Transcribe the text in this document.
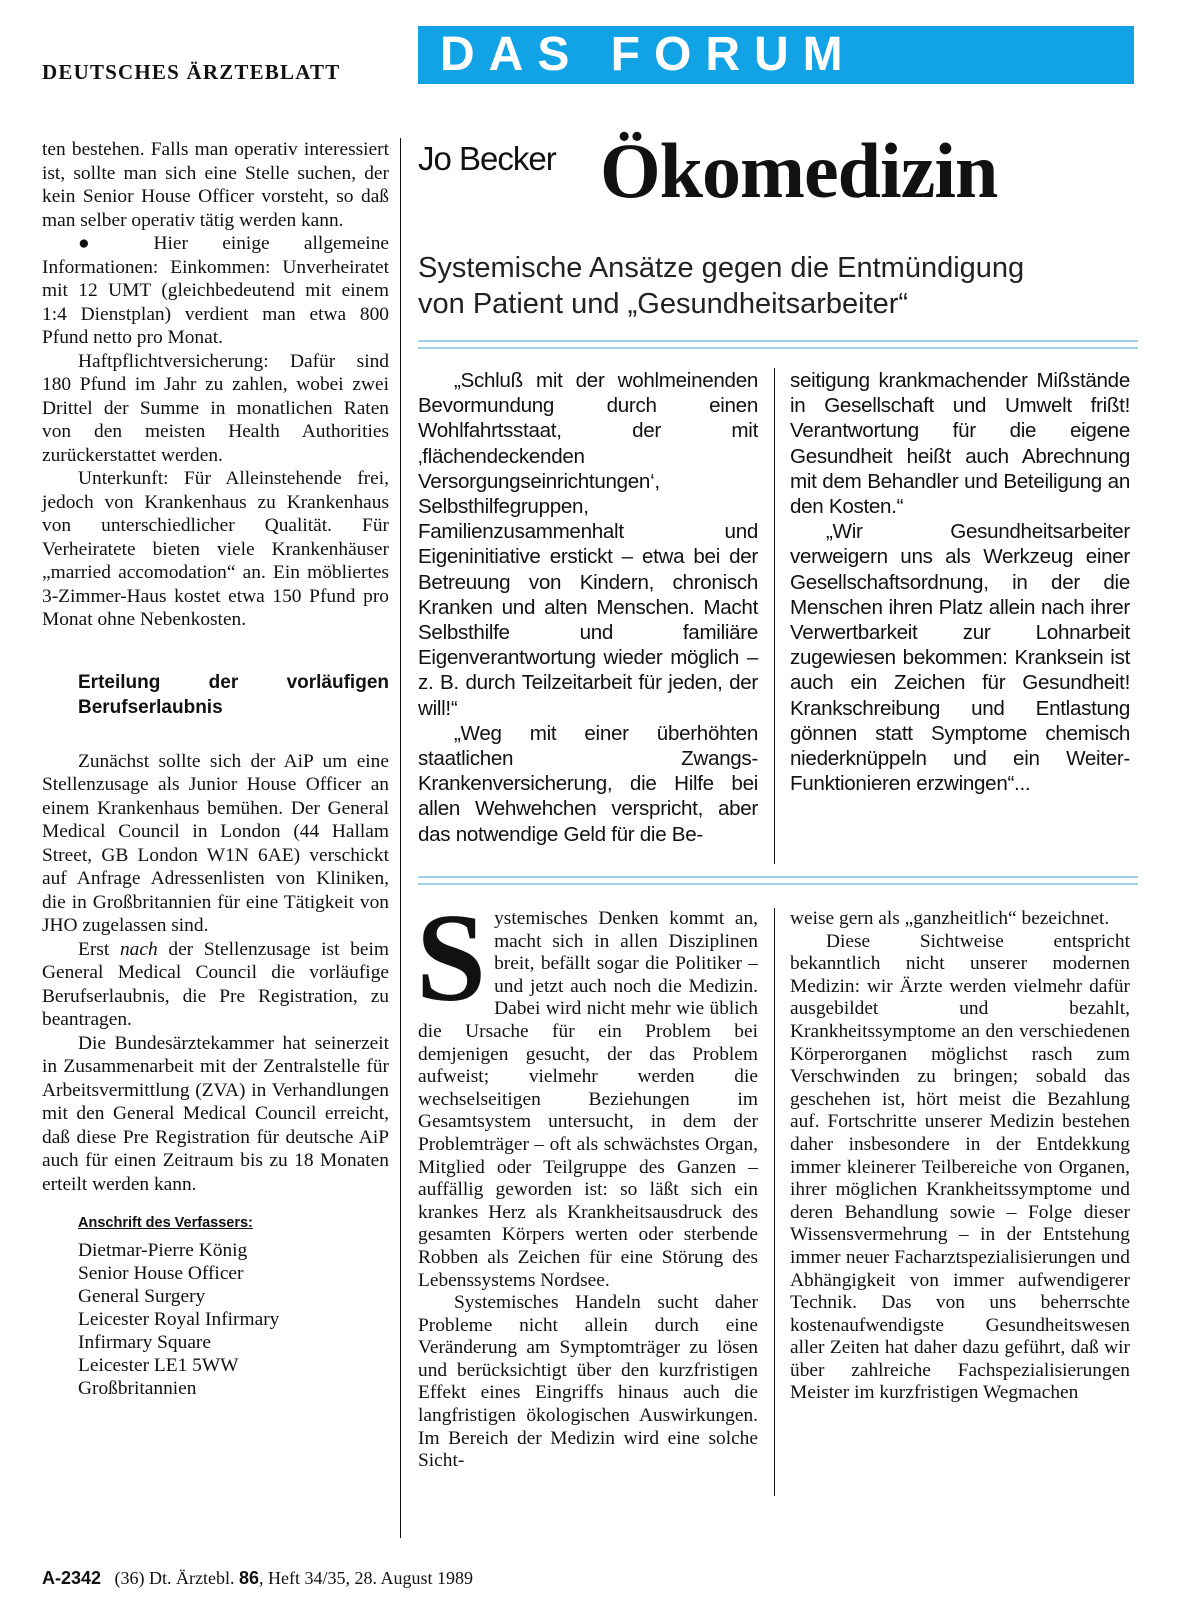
DEUTSCHES ÄRZTEBLATT	DAS FORUM

ten bestehen. Falls man operativ interessiert ist, sollte man sich eine Stelle suchen, der kein Senior House Officer vorsteht, so daß man selber operativ tätig werden kann.

● Hier einige allgemeine Informationen: Einkommen: Unverheiratet mit 12 UMT (gleichbedeutend mit einem 1:4 Dienstplan) verdient man etwa 800 Pfund netto pro Monat.

Haftpflichtversicherung: Dafür sind 180 Pfund im Jahr zu zahlen, wobei zwei Drittel der Summe in monatlichen Raten von den meisten Health Authorities zurückerstattet werden.

Unterkunft: Für Alleinstehende frei, jedoch von Krankenhaus zu Krankenhaus von unterschiedlicher Qualität. Für Verheiratete bieten viele Krankenhäuser „married accomodation“ an. Ein möbliertes 3-Zimmer-Haus kostet etwa 150 Pfund pro Monat ohne Nebenkosten.

Erteilung der vorläufigen Berufserlaubnis

Zunächst sollte sich der AiP um eine Stellenzusage als Junior House Officer an einem Krankenhaus bemühen. Der General Medical Council in London (44 Hallam Street, GB London W1N 6AE) verschickt auf Anfrage Adressenlisten von Kliniken, die in Großbritannien für eine Tätigkeit von JHO zugelassen sind.

Erst nach der Stellenzusage ist beim General Medical Council die vorläufige Berufserlaubnis, die Pre Registration, zu beantragen.

Die Bundesärztekammer hat seinerzeit in Zusammenarbeit mit der Zentralstelle für Arbeitsvermittlung (ZVA) in Verhandlungen mit den General Medical Council erreicht, daß diese Pre Registration für deutsche AiP auch für einen Zeitraum bis zu 18 Monaten erteilt werden kann.

Anschrift des Verfassers:
Dietmar-Pierre König
Senior House Officer
General Surgery
Leicester Royal Infirmary
Infirmary Square
Leicester LE1 5WW
Großbritannien
Jo Becker Ökomedizin
Systemische Ansätze gegen die Entmündigung
von Patient und „Gesundheitsarbeiter“

„Schluß mit der wohlmeinenden Bevormundung durch einen Wohlfahrtsstaat, der mit ‚flächendeckenden Versorgungseinrichtungen‘, Selbsthilfegruppen, Familienzusammenhalt und Eigeninitiative erstickt – etwa bei der Betreuung von Kindern, chronisch Kranken und alten Menschen. Macht Selbsthilfe und familiäre Eigenverantwortung wieder möglich – z. B. durch Teilzeitarbeit für jeden, der will!“

„Weg mit einer überhöhten staatlichen Zwangs-Krankenversicherung, die Hilfe bei allen Wehwehchen verspricht, aber das notwendige Geld für die Be-

seitigung krankmachender Mißstände in Gesellschaft und Umwelt frißt! Verantwortung für die eigene Gesundheit heißt auch Abrechnung mit dem Behandler und Beteiligung an den Kosten.“

„Wir Gesundheitsarbeiter verweigern uns als Werkzeug einer Gesellschaftsordnung, in der die Menschen ihren Platz allein nach ihrer Verwertbarkeit zur Lohnarbeit zugewiesen bekommen: Kranksein ist auch ein Zeichen für Gesundheit! Krankschreibung und Entlastung gönnen statt Symptome chemisch niederknüppeln und ein Weiter-Funktionieren erzwingen“...

Systemisches Denken kommt an, macht sich in allen Disziplinen breit, befällt sogar die Politiker – und jetzt auch noch die Medizin. Dabei wird nicht mehr wie üblich die Ursache für ein Problem bei demjenigen gesucht, der das Problem aufweist; vielmehr werden die wechselseitigen Beziehungen im Gesamtsystem untersucht, in dem der Problemträger – oft als schwächstes Organ, Mitglied oder Teilgruppe des Ganzen – auffällig geworden ist: so läßt sich ein krankes Herz als Krankheitsausdruck des gesamten Körpers werten oder sterbende Robben als Zeichen für eine Störung des Lebenssystems Nordsee.

Systemisches Handeln sucht daher Probleme nicht allein durch eine Veränderung am Symptomträger zu lösen und berücksichtigt über den kurzfristigen Effekt eines Eingriffs hinaus auch die langfristigen ökologischen Auswirkungen. Im Bereich der Medizin wird eine solche Sicht-

weise gern als „ganzheitlich“ bezeichnet.

Diese Sichtweise entspricht bekanntlich nicht unserer modernen Medizin: wir Ärzte werden vielmehr dafür ausgebildet und bezahlt, Krankheitssymptome an den verschiedenen Körperorganen möglichst rasch zum Verschwinden zu bringen; sobald das geschehen ist, hört meist die Bezahlung auf. Fortschritte unserer Medizin bestehen daher insbesondere in der Entdekkung immer kleinerer Teilbereiche von Organen, ihrer möglichen Krankheitssymptome und deren Behandlung sowie – Folge dieser Wissensvermehrung – in der Entstehung immer neuer Facharztspezialisierungen und Abhängigkeit von immer aufwendigerer Technik. Das von uns beherrschte kostenaufwendigste Gesundheitswesen aller Zeiten hat daher dazu geführt, daß wir über zahlreiche Fachspezialisierungen Meister im kurzfristigen Wegmachen

A-2342 (36) Dt. Ärztebl. 86, Heft 34/35, 28. August 1989
